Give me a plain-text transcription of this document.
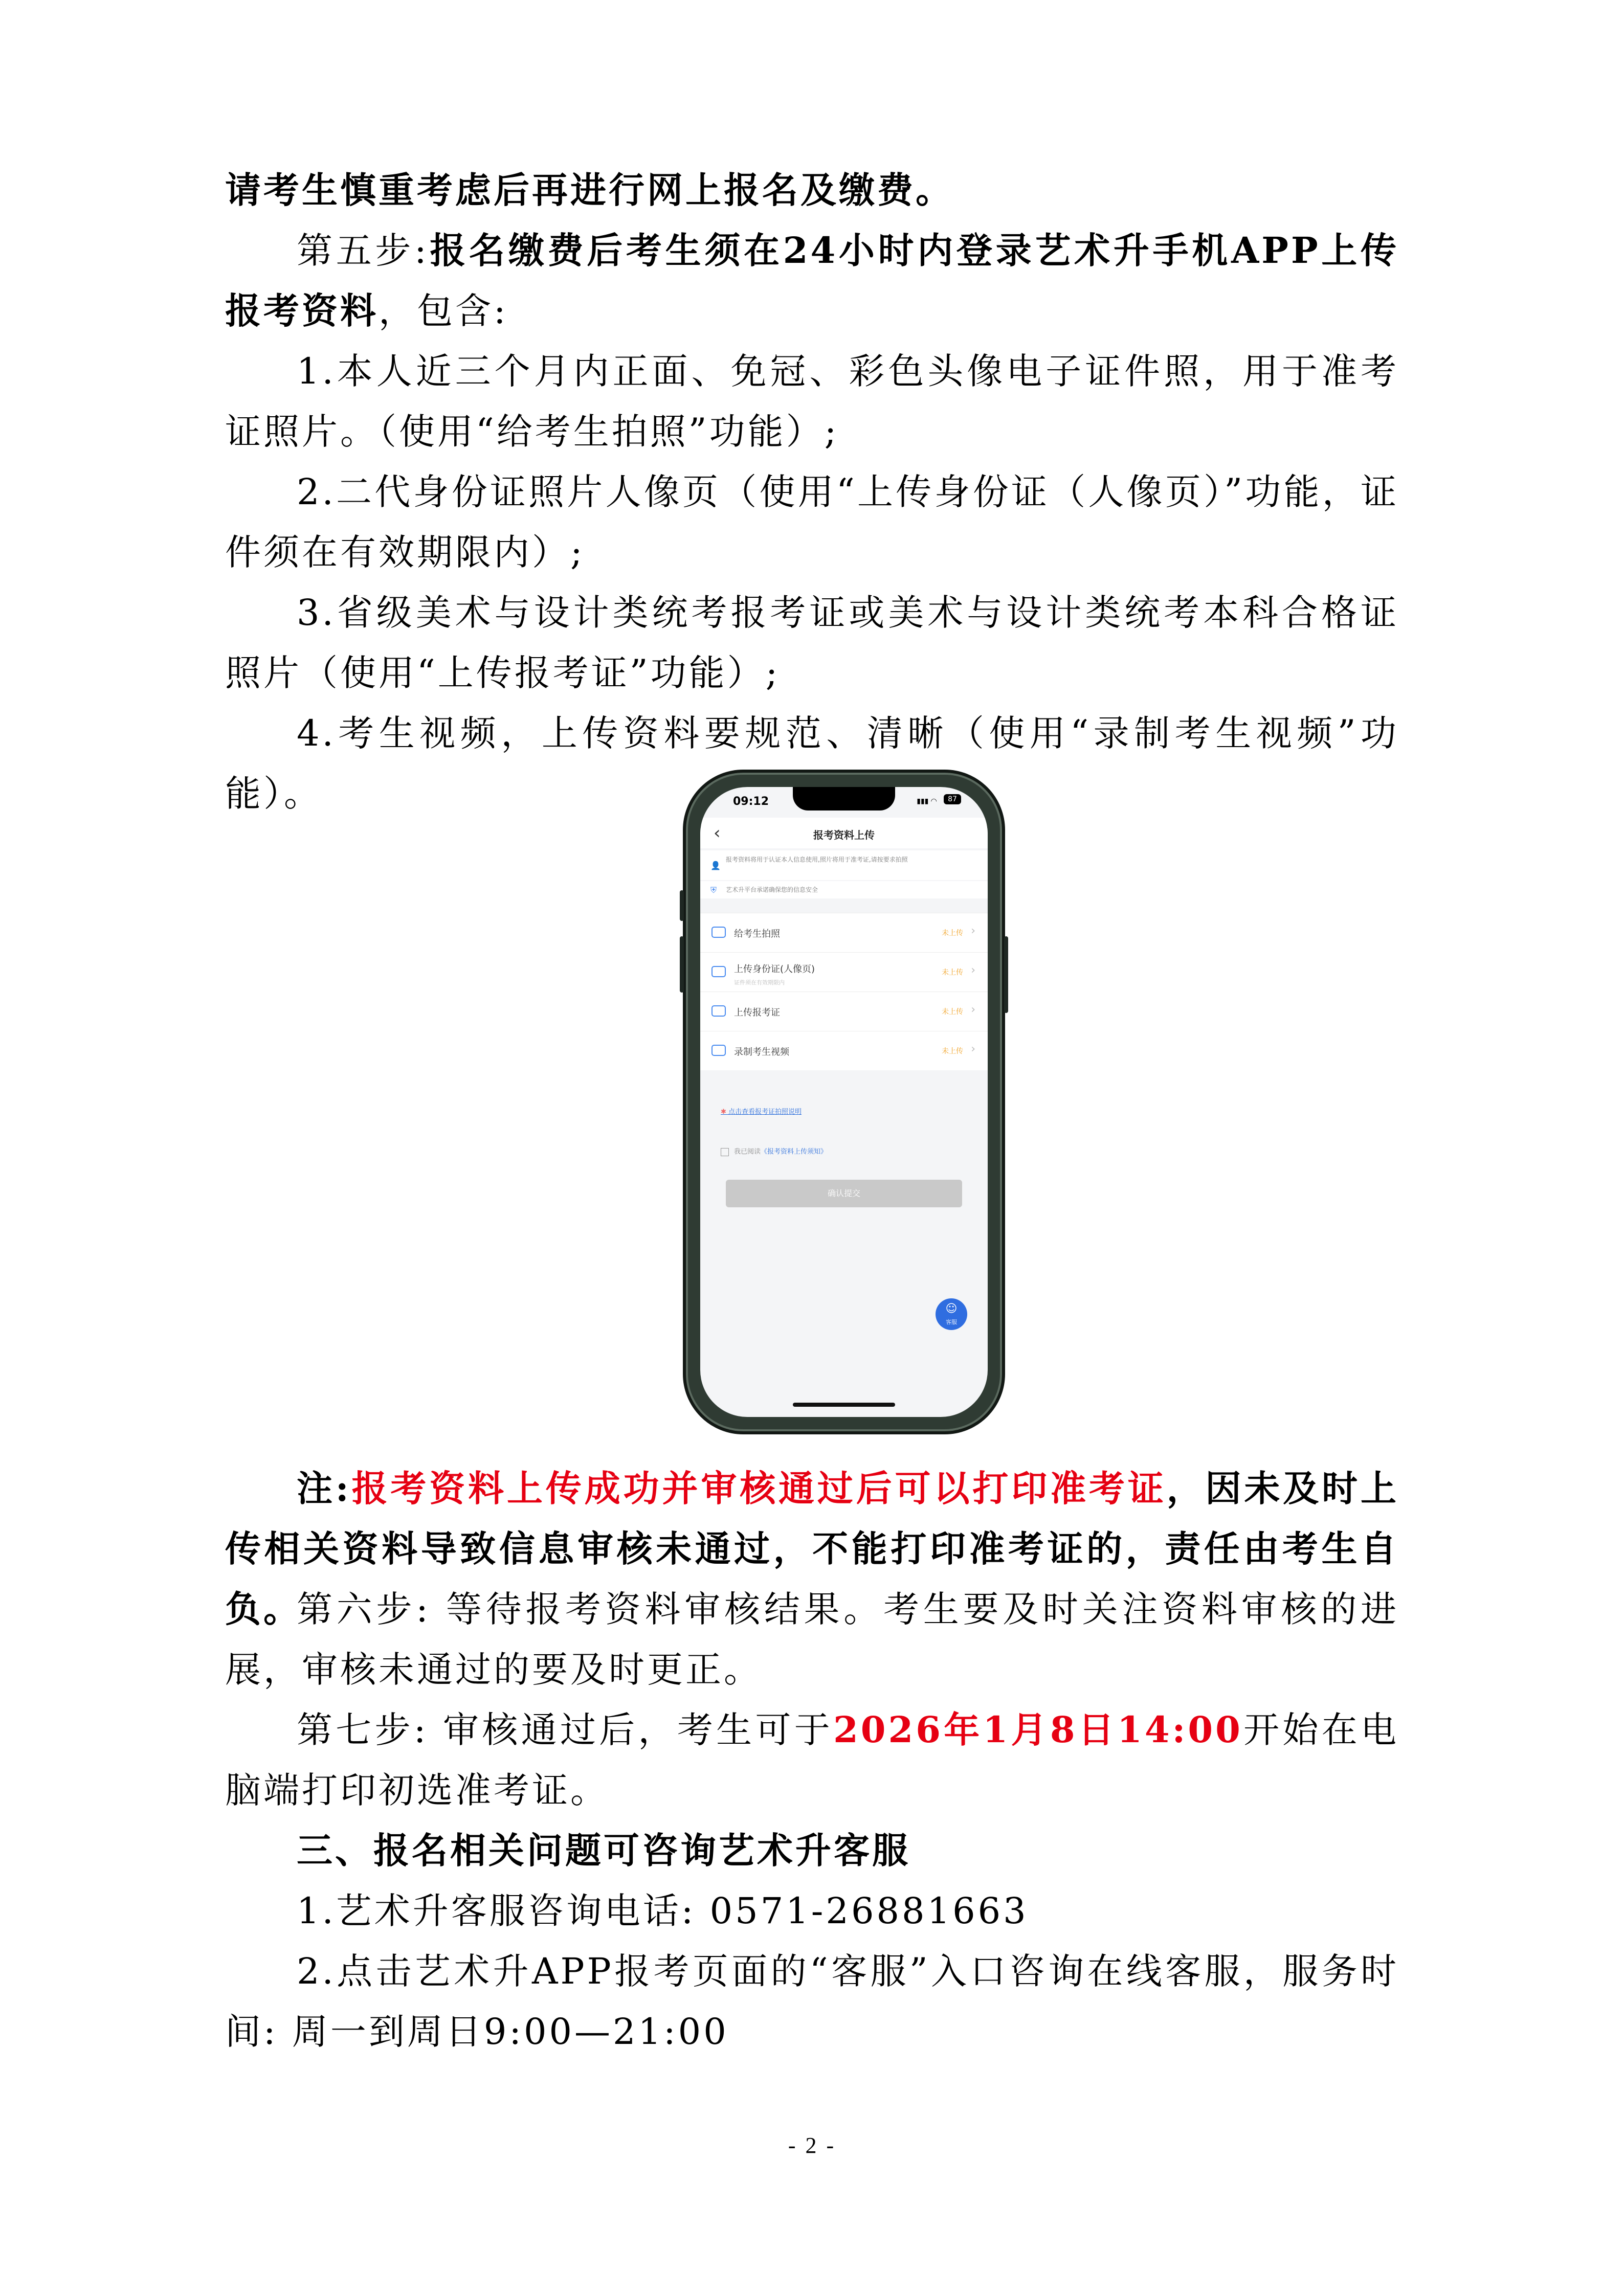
请考生慎重考虑后再进行网上报名及缴费。

第五步:报名缴费后考生须在24小时内登录艺术升手机APP上传报考资料，包含:

1.本人近三个月内正面、免冠、彩色头像电子证件照，用于准考证照片。（使用“给考生拍照”功能）;

2.二代身份证照片人像页（使用“上传身份证（人像页）”功能，证件须在有效期限内）;

3.省级美术与设计类统考报考证或美术与设计类统考本科合格证照片（使用“上传报考证”功能）;

4.考生视频，上传资料要规范、清晰（使用“录制考生视频”功能）。	09:12	▮▮▮ ◠	87
‹	报考资料上传
👤
报考资料将用于认证本人信息使用,照片将用于准考证,请按要求拍照
⛨ 艺术升平台承诺确保您的信息安全
给考生拍照	未上传 ›
上传身份证(人像页)
证件须在有效期限内
未上传 ›
上传报考证	未上传 ›
录制考生视频	未上传 ›
✱ 点击查看报考证拍照说明
我已阅读《报考资料上传须知》
确认提交
☺
客服

注:报考资料上传成功并审核通过后可以打印准考证，因未及时上传相关资料导致信息审核未通过，不能打印准考证的，责任由考生自负。

第六步: 等待报考资料审核结果。考生要及时关注资料审核的进展，审核未通过的要及时更正。

第七步: 审核通过后，考生可于2026年1月8日14:00开始在电脑端打印初选准考证。

三、报名相关问题可咨询艺术升客服

1.艺术升客服咨询电话: 0571-26881663

2.点击艺术升APP报考页面的“客服”入口咨询在线客服，服务时间: 周一到周日9:00—21:00

- 2 -
